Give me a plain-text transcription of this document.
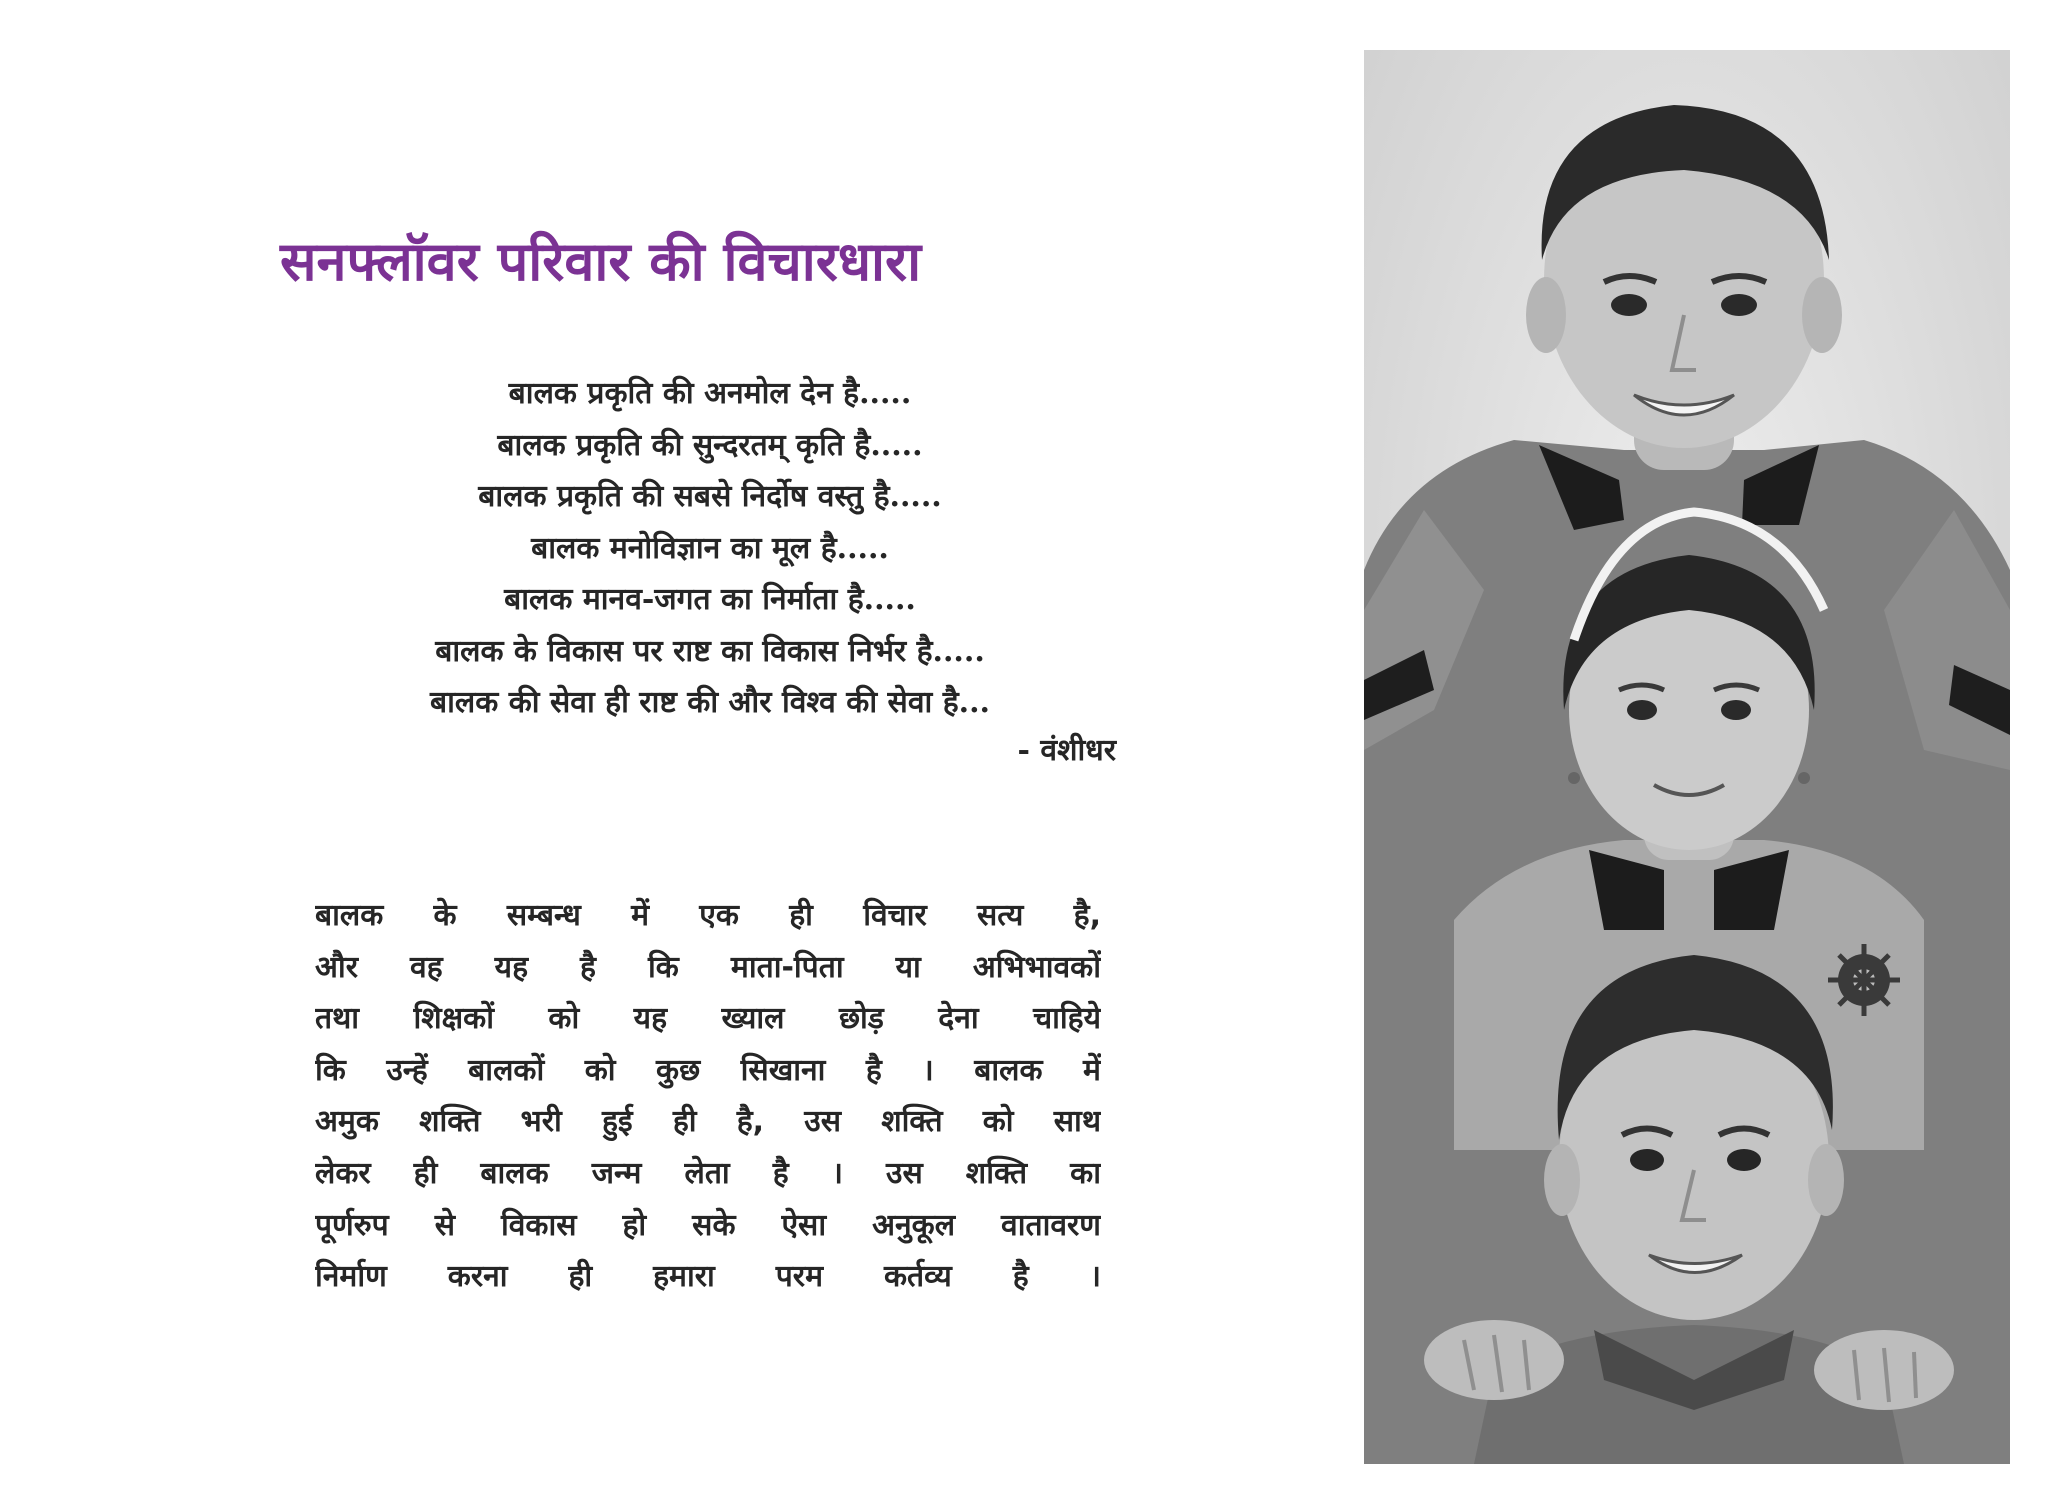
सनफ्लॉवर परिवार की विचारधारा
बालक प्रकृति की अनमोल देन है.....
बालक प्रकृति की सुन्दरतम् कृति है.....
बालक प्रकृति की सबसे निर्दोष वस्तु है.....
बालक मनोविज्ञान का मूल है.....
बालक मानव-जगत का निर्माता है.....
बालक के विकास पर राष्ट का विकास निर्भर है.....
बालक की सेवा ही राष्ट की और विश्व की सेवा है...

- वंशीधर

बालक के सम्बन्ध में एक ही विचार सत्य है,
और वह यह है कि माता-पिता या अभिभावकों
तथा शिक्षकों को यह ख्याल छोड़ देना चाहिये
कि उन्हें बालकों को कुछ सिखाना है । बालक में
अमुक शक्ति भरी हुई ही है, उस शक्ति को साथ
लेकर ही बालक जन्म लेता है । उस शक्ति का
पूर्णरुप से विकास हो सके ऐसा अनुकूल वातावरण
निर्माण करना ही हमारा परम कर्तव्य है ।
